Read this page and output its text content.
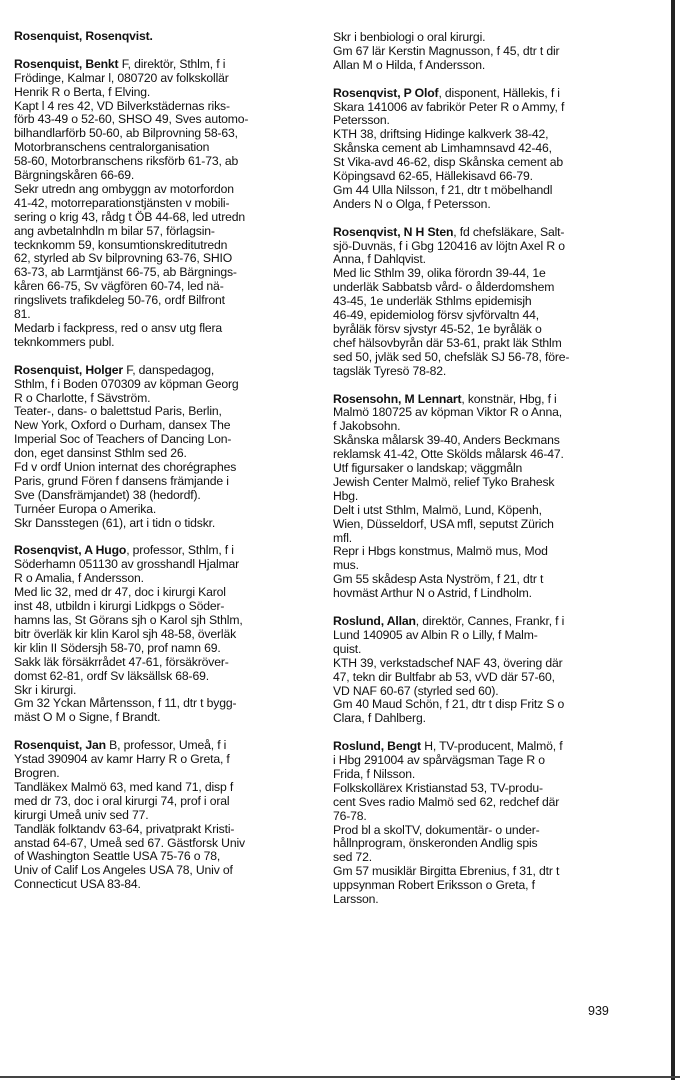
Rosenquist, Rosenqvist.
Rosenquist, Benkt F, direktör, Sthlm, f i
Frödinge, Kalmar l, 080720 av folkskollär
Henrik R o Berta, f Elving.
Kapt l 4 res 42, VD Bilverkstädernas riks-
förb 43-49 o 52-60, SHSO 49, Sves automo-
bilhandlarförb 50-60, ab Bilprovning 58-63,
Motorbranschens centralorganisation
58-60, Motorbranschens riksförb 61-73, ab
Bärgningskåren 66-69.
Sekr utredn ang ombyggn av motorfordon
41-42, motorreparationstjänsten v mobili-
sering o krig 43, rådg t ÖB 44-68, led utredn
ang avbetalnhdln m bilar 57, förlagsin-
tecknkomm 59, konsumtionskreditutredn
62, styrled ab Sv bilprovning 63-76, SHIO
63-73, ab Larmtjänst 66-75, ab Bärgnings-
kåren 66-75, Sv vägfören 60-74, led nä-
ringslivets trafikdeleg 50-76, ordf Bilfront
81.
Medarb i fackpress, red o ansv utg flera
teknkommers publ.
Rosenquist, Holger F, danspedagog,
Sthlm, f i Boden 070309 av köpman Georg
R o Charlotte, f Sävström.
Teater-, dans- o balettstud Paris, Berlin,
New York, Oxford o Durham, dansex The
Imperial Soc of Teachers of Dancing Lon-
don, eget dansinst Sthlm sed 26.
Fd v ordf Union internat des chorégraphes
Paris, grund Fören f dansens främjande i
Sve (Dansfrämjandet) 38 (hedordf).
Turnéer Europa o Amerika.
Skr Dansstegen (61), art i tidn o tidskr.
Rosenqvist, A Hugo, professor, Sthlm, f i
Söderhamn 051130 av grosshandl Hjalmar
R o Amalia, f Andersson.
Med lic 32, med dr 47, doc i kirurgi Karol
inst 48, utbildn i kirurgi Lidkpgs o Söder-
hamns las, St Görans sjh o Karol sjh Sthlm,
bitr överläk kir klin Karol sjh 48-58, överläk
kir klin II Södersjh 58-70, prof namn 69.
Sakk läk försäkrrådet 47-61, försäkröver-
domst 62-81, ordf Sv läksällsk 68-69.
Skr i kirurgi.
Gm 32 Yckan Mårtensson, f 11, dtr t bygg-
mäst O M o Signe, f Brandt.
Rosenquist, Jan B, professor, Umeå, f i
Ystad 390904 av kamr Harry R o Greta, f
Brogren.
Tandläkex Malmö 63, med kand 71, disp f
med dr 73, doc i oral kirurgi 74, prof i oral
kirurgi Umeå univ sed 77.
Tandläk folktandv 63-64, privatprakt Kristi-
anstad 64-67, Umeå sed 67. Gästforsk Univ
of Washington Seattle USA 75-76 o 78,
Univ of Calif Los Angeles USA 78, Univ of
Connecticut USA 83-84.
Skr i benbiologi o oral kirurgi.
Gm 67 lär Kerstin Magnusson, f 45, dtr t dir
Allan M o Hilda, f Andersson.
Rosenqvist, P Olof, disponent, Hällekis, f i
Skara 141006 av fabrikör Peter R o Ammy, f
Petersson.
KTH 38, driftsing Hidinge kalkverk 38-42,
Skånska cement ab Limhamnsavd 42-46,
St Vika-avd 46-62, disp Skånska cement ab
Köpingsavd 62-65, Hällekisavd 66-79.
Gm 44 Ulla Nilsson, f 21, dtr t möbelhandl
Anders N o Olga, f Petersson.
Rosenqvist, N H Sten, fd chefsläkare, Salt-
sjö-Duvnäs, f i Gbg 120416 av löjtn Axel R o
Anna, f Dahlqvist.
Med lic Sthlm 39, olika förordn 39-44, 1e
underläk Sabbatsb vård- o ålderdomshem
43-45, 1e underläk Sthlms epidemisjh
46-49, epidemiolog försv sjvförvaltn 44,
byråläk försv sjvstyr 45-52, 1e byråläk o
chef hälsovbyrån där 53-61, prakt läk Sthlm
sed 50, jvläk sed 50, chefsläk SJ 56-78, före-
tagsläk Tyresö 78-82.
Rosensohn, M Lennart, konstnär, Hbg, f i
Malmö 180725 av köpman Viktor R o Anna,
f Jakobsohn.
Skånska målarsk 39-40, Anders Beckmans
reklamsk 41-42, Otte Skölds målarsk 46-47.
Utf figursaker o landskap; väggmåln
Jewish Center Malmö, relief Tyko Brahesk
Hbg.
Delt i utst Sthlm, Malmö, Lund, Köpenh,
Wien, Düsseldorf, USA mfl, seputst Zürich
mfl.
Repr i Hbgs konstmus, Malmö mus, Mod
mus.
Gm 55 skådesp Asta Nyström, f 21, dtr t
hovmäst Arthur N o Astrid, f Lindholm.
Roslund, Allan, direktör, Cannes, Frankr, f i
Lund 140905 av Albin R o Lilly, f Malm-
quist.
KTH 39, verkstadschef NAF 43, övering där
47, tekn dir Bultfabr ab 53, vVD där 57-60,
VD NAF 60-67 (styrled sed 60).
Gm 40 Maud Schön, f 21, dtr t disp Fritz S o
Clara, f Dahlberg.
Roslund, Bengt H, TV-producent, Malmö, f
i Hbg 291004 av spårvägsman Tage R o
Frida, f Nilsson.
Folkskollärex Kristianstad 53, TV-produ-
cent Sves radio Malmö sed 62, redchef där
76-78.
Prod bl a skolTV, dokumentär- o under-
hållnprogram, önskeronden Andlig spis
sed 72.
Gm 57 musiklär Birgitta Ebrenius, f 31, dtr t
uppsynman Robert Eriksson o Greta, f
Larsson.
939
